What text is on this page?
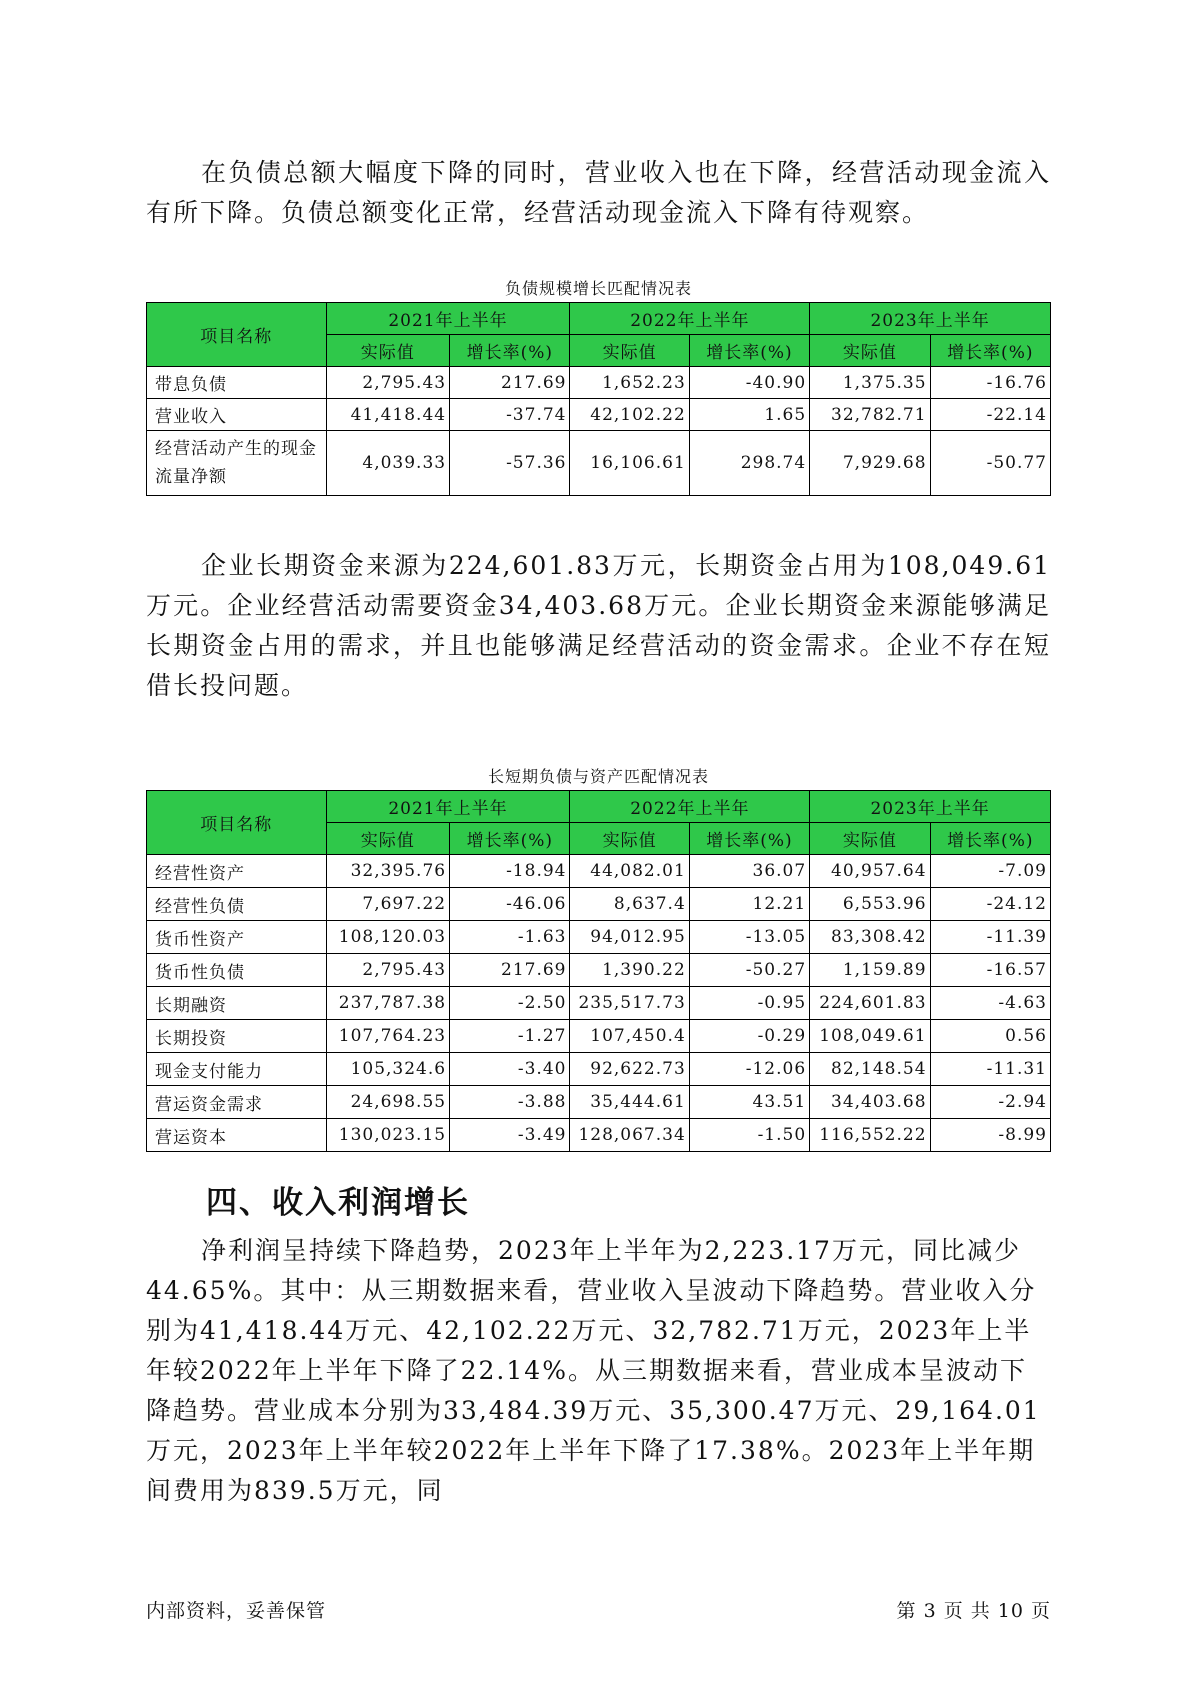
在负债总额大幅度下降的同时，营业收入也在下降，经营活动现金流入有所下降。负债总额变化正常，经营活动现金流入下降有待观察。

负债规模增长匹配情况表
项目名称	2021年上半年		2022年上半年		2023年上半年	
	实际值	增长率(%)	实际值	增长率(%)	实际值	增长率(%)
带息负债	2,795.43	217.69	1,652.23	-40.90	1,375.35	-16.76
营业收入	41,418.44	-37.74	42,102.22	1.65	32,782.71	-22.14
经营活动产生的现金流量净额	4,039.33	-57.36	16,106.61	298.74	7,929.68	-50.77

企业长期资金来源为224,601.83万元，长期资金占用为108,049.61万元。企业经营活动需要资金34,403.68万元。企业长期资金来源能够满足长期资金占用的需求，并且也能够满足经营活动的资金需求。企业不存在短借长投问题。

长短期负债与资产匹配情况表
项目名称	2021年上半年		2022年上半年		2023年上半年	
	实际值	增长率(%)	实际值	增长率(%)	实际值	增长率(%)
经营性资产	32,395.76	-18.94	44,082.01	36.07	40,957.64	-7.09
经营性负债	7,697.22	-46.06	8,637.4	12.21	6,553.96	-24.12
货币性资产	108,120.03	-1.63	94,012.95	-13.05	83,308.42	-11.39
货币性负债	2,795.43	217.69	1,390.22	-50.27	1,159.89	-16.57
长期融资	237,787.38	-2.50	235,517.73	-0.95	224,601.83	-4.63
长期投资	107,764.23	-1.27	107,450.4	-0.29	108,049.61	0.56
现金支付能力	105,324.6	-3.40	92,622.73	-12.06	82,148.54	-11.31
营运资金需求	24,698.55	-3.88	35,444.61	43.51	34,403.68	-2.94
营运资本	130,023.15	-3.49	128,067.34	-1.50	116,552.22	-8.99
四、收入利润增长

净利润呈持续下降趋势，2023年上半年为2,223.17万元，同比减少44.65%。其中：从三期数据来看，营业收入呈波动下降趋势。营业收入分别为41,418.44万元、42,102.22万元、32,782.71万元，2023年上半年较2022年上半年下降了22.14%。从三期数据来看，营业成本呈波动下降趋势。营业成本分别为33,484.39万元、35,300.47万元、29,164.01万元，2023年上半年较2022年上半年下降了17.38%。2023年上半年期间费用为839.5万元，同

内部资料，妥善保管	第 3 页 共 10 页
